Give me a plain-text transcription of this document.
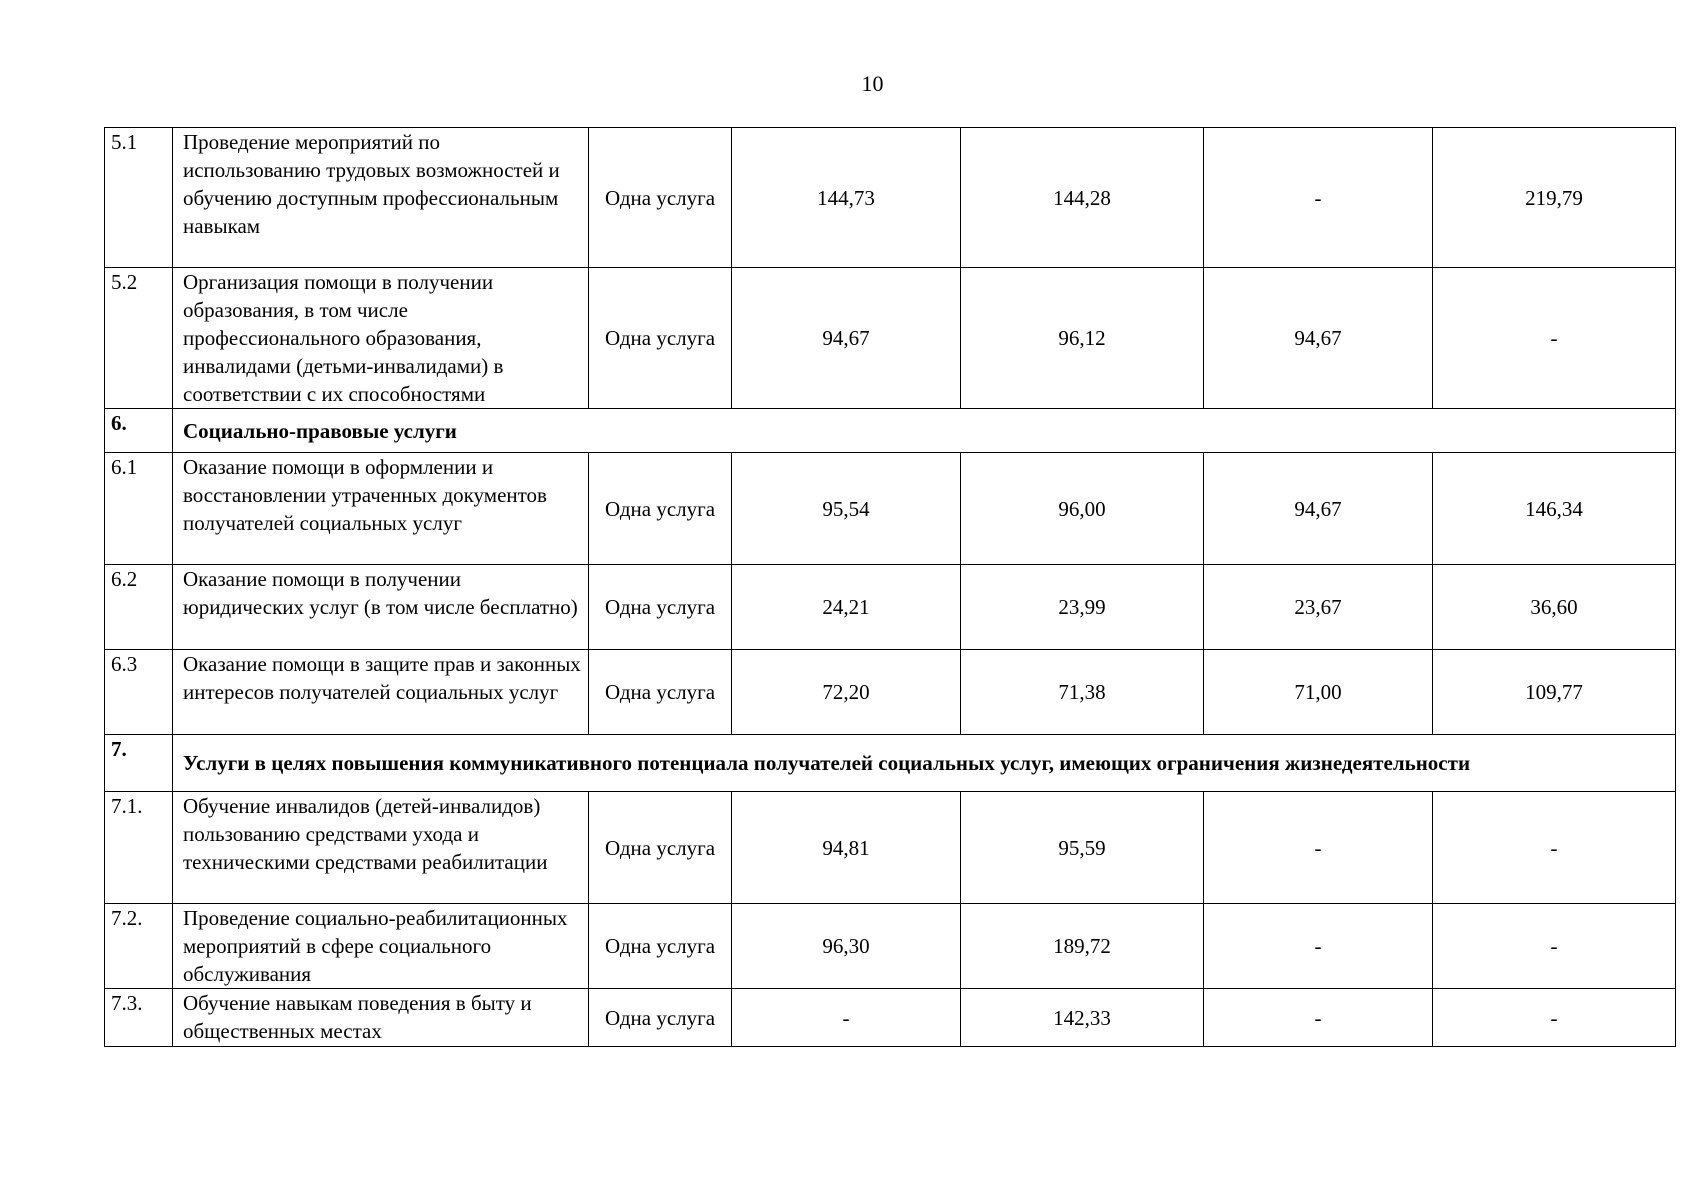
10
5.1	Проведение мероприятий по использованию трудовых возможностей и обучению доступным профессиональным навыкам	Одна услуга	144,73	144,28	-	219,79
5.2	Организация помощи в получении образования, в том числе профессионального образования, инвалидами (детьми-инвалидами) в соответствии с их способностями	Одна услуга	94,67	96,12	94,67	-
6.	Социально-правовые услуги					
6.1	Оказание помощи в оформлении и восстановлении утраченных документов получателей социальных услуг	Одна услуга	95,54	96,00	94,67	146,34
6.2	Оказание помощи в получении юридических услуг (в том числе бесплатно)	Одна услуга	24,21	23,99	23,67	36,60
6.3	Оказание помощи в защите прав и законных интересов получателей социальных услуг	Одна услуга	72,20	71,38	71,00	109,77
7.	Услуги в целях повышения коммуникативного потенциала получателей социальных услуг, имеющих ограничения жизнедеятельности					
7.1.	Обучение инвалидов (детей-инвалидов) пользованию средствами ухода и техническими средствами реабилитации	Одна услуга	94,81	95,59	-	-
7.2.	Проведение социально-реабилитационных мероприятий в сфере социального обслуживания	Одна услуга	96,30	189,72	-	-
7.3.	Обучение навыкам поведения в быту и общественных местах	Одна услуга	-	142,33	-	-
